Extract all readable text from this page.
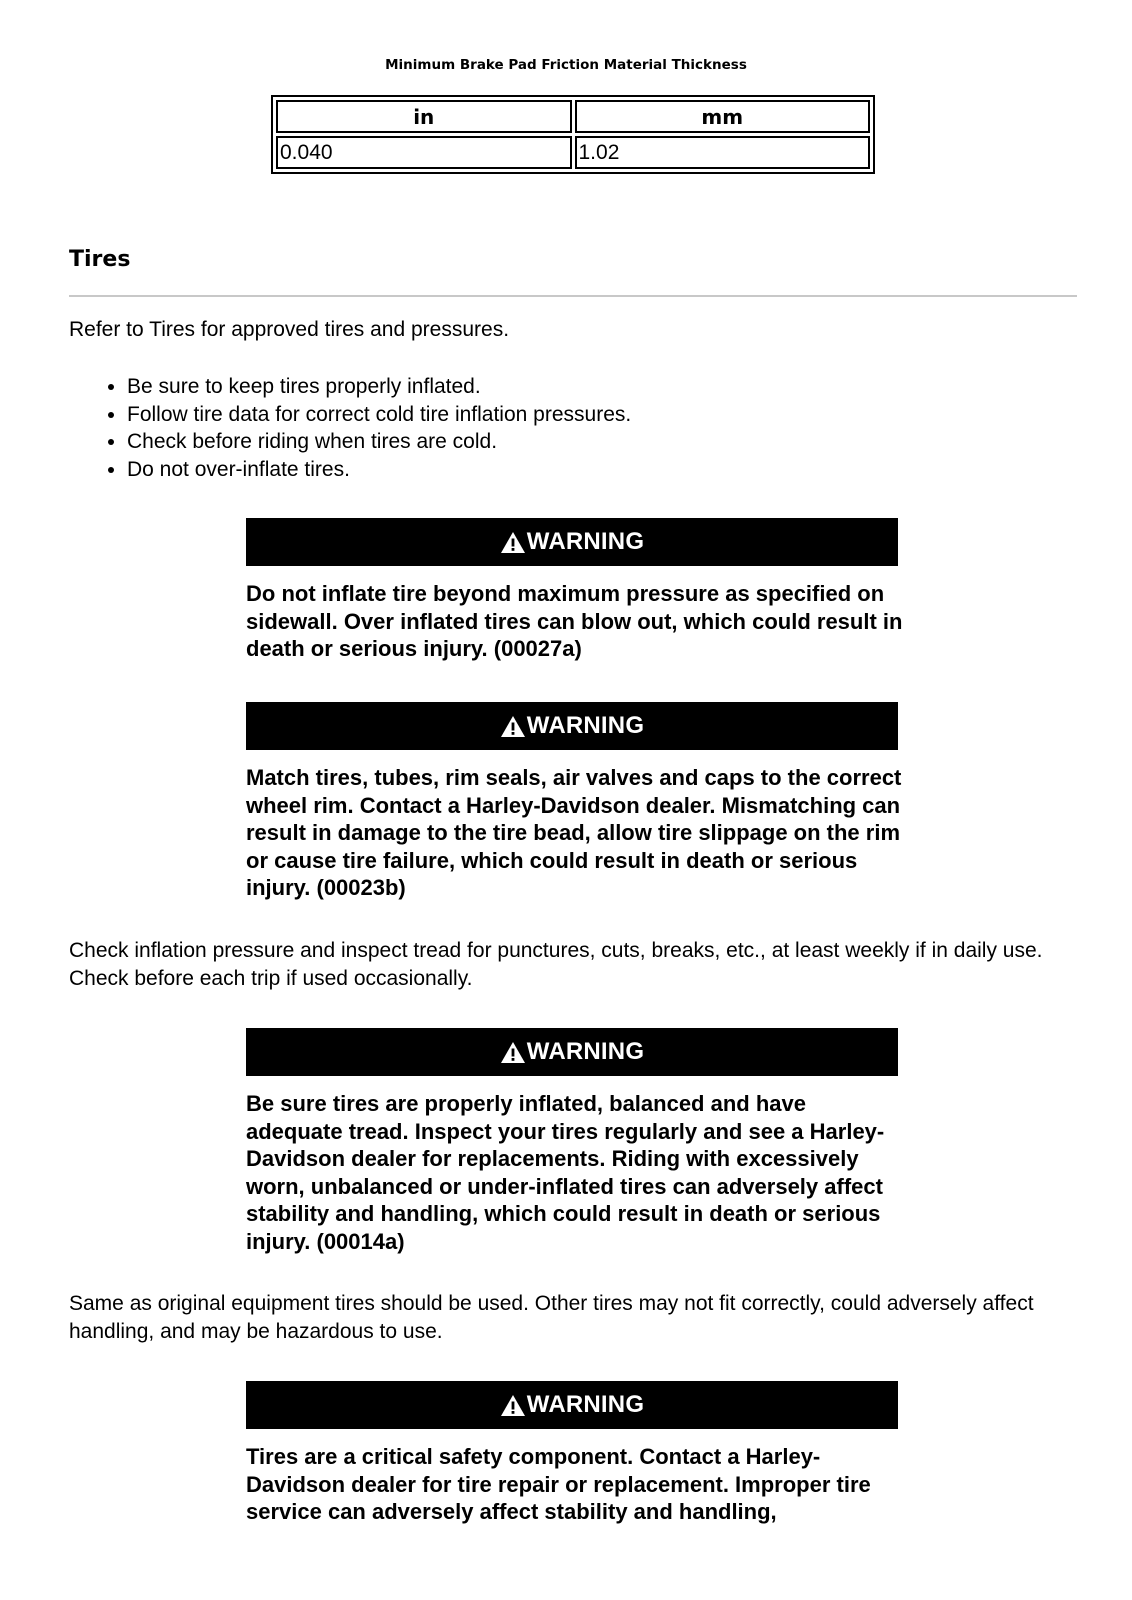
Minimum Brake Pad Friction Material Thickness
in	mm
0.040	1.02
Tires

Refer to Tires for approved tires and pressures.

• Be sure to keep tires properly inflated.
• Follow tire data for correct cold tire inflation pressures.
• Check before riding when tires are cold.
• Do not over-inflate tires.
WARNING

Do not inflate tire beyond maximum pressure as specified on sidewall. Over inflated tires can blow out, which could result in death or serious injury. (00027a)

WARNING

Match tires, tubes, rim seals, air valves and caps to the correct wheel rim. Contact a Harley-Davidson dealer. Mismatching can result in damage to the tire bead, allow tire slippage on the rim or cause tire failure, which could result in death or serious injury. (00023b)

Check inflation pressure and inspect tread for punctures, cuts, breaks, etc., at least weekly if in daily use. Check before each trip if used occasionally.

WARNING

Be sure tires are properly inflated, balanced and have adequate tread. Inspect your tires regularly and see a Harley-Davidson dealer for replacements. Riding with excessively worn, unbalanced or under-inflated tires can adversely affect stability and handling, which could result in death or serious injury. (00014a)

Same as original equipment tires should be used. Other tires may not fit correctly, could adversely affect handling, and may be hazardous to use.

WARNING

Tires are a critical safety component. Contact a Harley-Davidson dealer for tire repair or replacement. Improper tire service can adversely affect stability and handling,
